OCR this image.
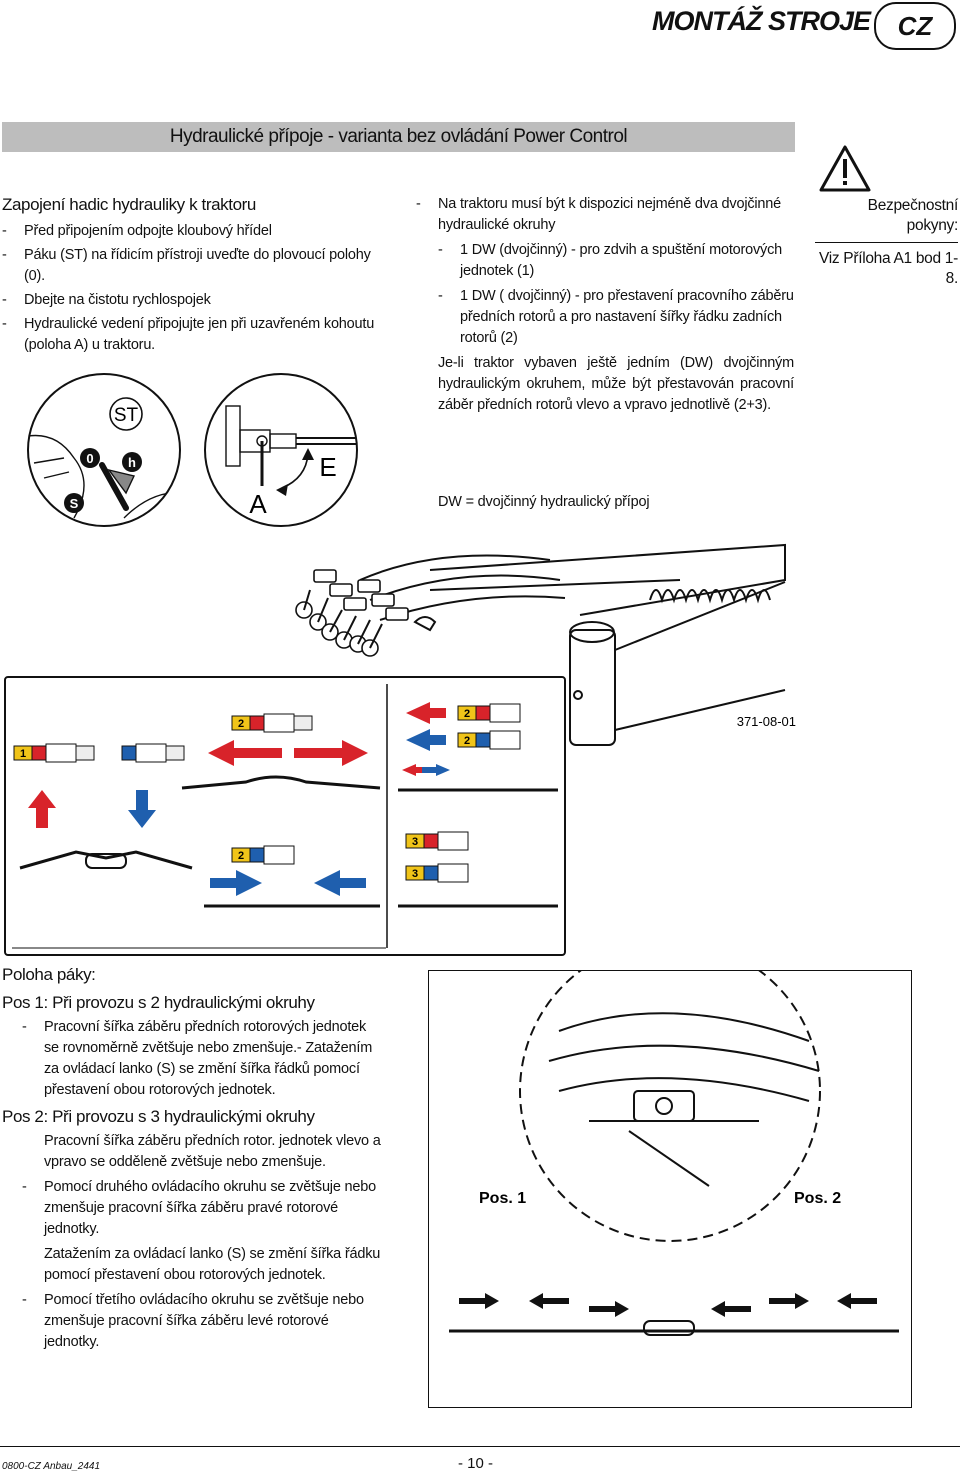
MONTÁŽ STROJE	CZ
Hydraulické přípoje - varianta bez ovládání Power Control
Zapojení hadic hydrauliky k traktoru
- Před připojením odpojte kloubový hřídel
- Páku (ST) na řídicím přístroji uveďte do plovoucí polohy (0).
- Dbejte na čistotu rychlospojek
- Hydraulické vedení připojujte jen při uzavřeném kohoutu (poloha A) u traktoru.
0	h
S
ST
A
E
- Na traktoru musí být k dispozici nejméně dva dvojčinné hydraulické okruhy
- 1 DW (dvojčinný) - pro zdvih a spuštění motorových jednotek (1)
- 1 DW ( dvojčinný) - pro přestavení pracovního záběru předních rotorů a pro nastavení šířky řádku zadních rotorů (2)
Je-li traktor vybaven ještě jedním (DW) dvojčinným hydraulickým okruhem, může být přestavován pracovní záběr předních rotorů vlevo a vpravo jednotlivě (2+3).
DW = dvojčinný hydraulický přípoj
Bezpečnostní pokyny:
Viz Příloha A1 bod 1-8.
371-08-01
2
1
2
2
2
3
3
Poloha páky:
Pos 1: Při provozu s 2 hydraulickými okruhy
-	Pracovní šířka záběru předních rotorových jednotek se rovnoměrně zvětšuje nebo zmenšuje.- Zatažením za ovládací lanko (S) se změní šířka řádků pomocí přestavení obou rotorových jednotek.
Pos 2: Při provozu s 3 hydraulickými okruhy
Pracovní šířka záběru předních rotor. jednotek vlevo a vpravo se odděleně zvětšuje nebo zmenšuje.
- Pomocí druhého ovládacího okruhu se zvětšuje nebo zmenšuje pracovní šířka záběru pravé rotorové jednotky.
Zatažením za ovládací lanko (S) se změní šířka řádku pomocí přestavení obou rotorových jednotek.
- Pomocí třetího ovládacího okruhu se zvětšuje nebo zmenšuje pracovní šířka záběru levé rotorové jednotky.
Pos. 1	Pos. 2
0800-CZ Anbau_2441	- 10 -
